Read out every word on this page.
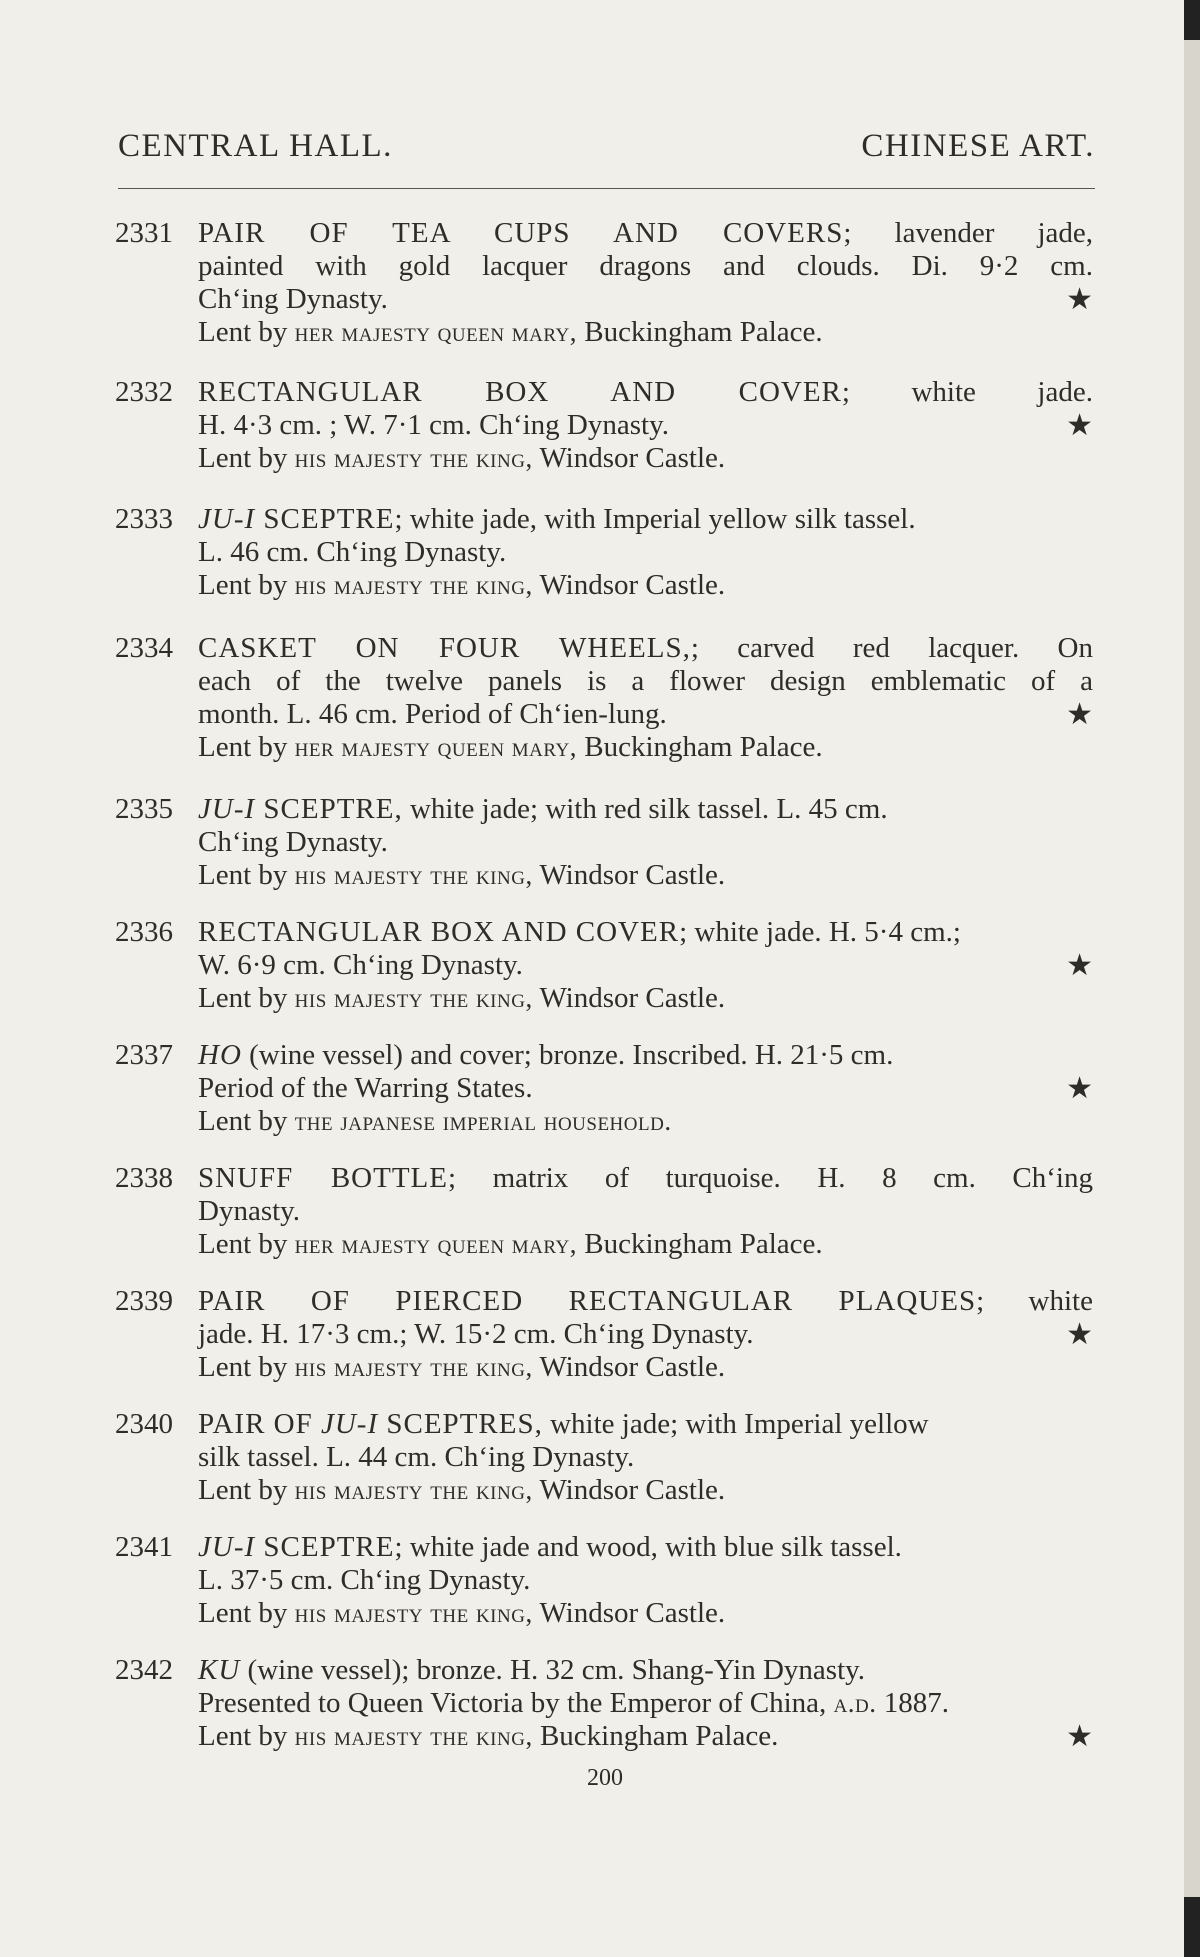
CENTRAL HALL.	CHINESE ART.
2331 PAIR OF TEA CUPS AND COVERS; lavender jade,
painted with gold lacquer dragons and clouds. Di. 9·2 cm.
Ch‘ing Dynasty.	★
Lent by her majesty queen mary, Buckingham Palace.
2332 RECTANGULAR BOX AND COVER; white jade.
H. 4·3 cm. ; W. 7·1 cm. Ch‘ing Dynasty.	★
Lent by his majesty the king, Windsor Castle.
2333 JU-I SCEPTRE; white jade, with Imperial yellow silk tassel.
L. 46 cm. Ch‘ing Dynasty.
Lent by his majesty the king, Windsor Castle.
2334 CASKET ON FOUR WHEELS,; carved red lacquer. On
each of the twelve panels is a flower design emblematic of a
month. L. 46 cm. Period of Ch‘ien-lung.	★
Lent by her majesty queen mary, Buckingham Palace.
2335 JU-I SCEPTRE, white jade; with red silk tassel. L. 45 cm.
Ch‘ing Dynasty.
Lent by his majesty the king, Windsor Castle.
2336 RECTANGULAR BOX AND COVER; white jade. H. 5·4 cm.;
W. 6·9 cm. Ch‘ing Dynasty.	★
Lent by his majesty the king, Windsor Castle.
2337 HO (wine vessel) and cover; bronze. Inscribed. H. 21·5 cm.
Period of the Warring States.	★
Lent by the japanese imperial household.
2338 SNUFF BOTTLE; matrix of turquoise. H. 8 cm. Ch‘ing
Dynasty.
Lent by her majesty queen mary, Buckingham Palace.
2339 PAIR OF PIERCED RECTANGULAR PLAQUES; white
jade. H. 17·3 cm.; W. 15·2 cm. Ch‘ing Dynasty.	★
Lent by his majesty the king, Windsor Castle.
2340 PAIR OF JU-I SCEPTRES, white jade; with Imperial yellow
silk tassel. L. 44 cm. Ch‘ing Dynasty.
Lent by his majesty the king, Windsor Castle.
2341 JU-I SCEPTRE; white jade and wood, with blue silk tassel.
L. 37·5 cm. Ch‘ing Dynasty.
Lent by his majesty the king, Windsor Castle.
2342 KU (wine vessel); bronze. H. 32 cm. Shang-Yin Dynasty.
Presented to Queen Victoria by the Emperor of China, a.d. 1887.
Lent by his majesty the king, Buckingham Palace.	★
200
